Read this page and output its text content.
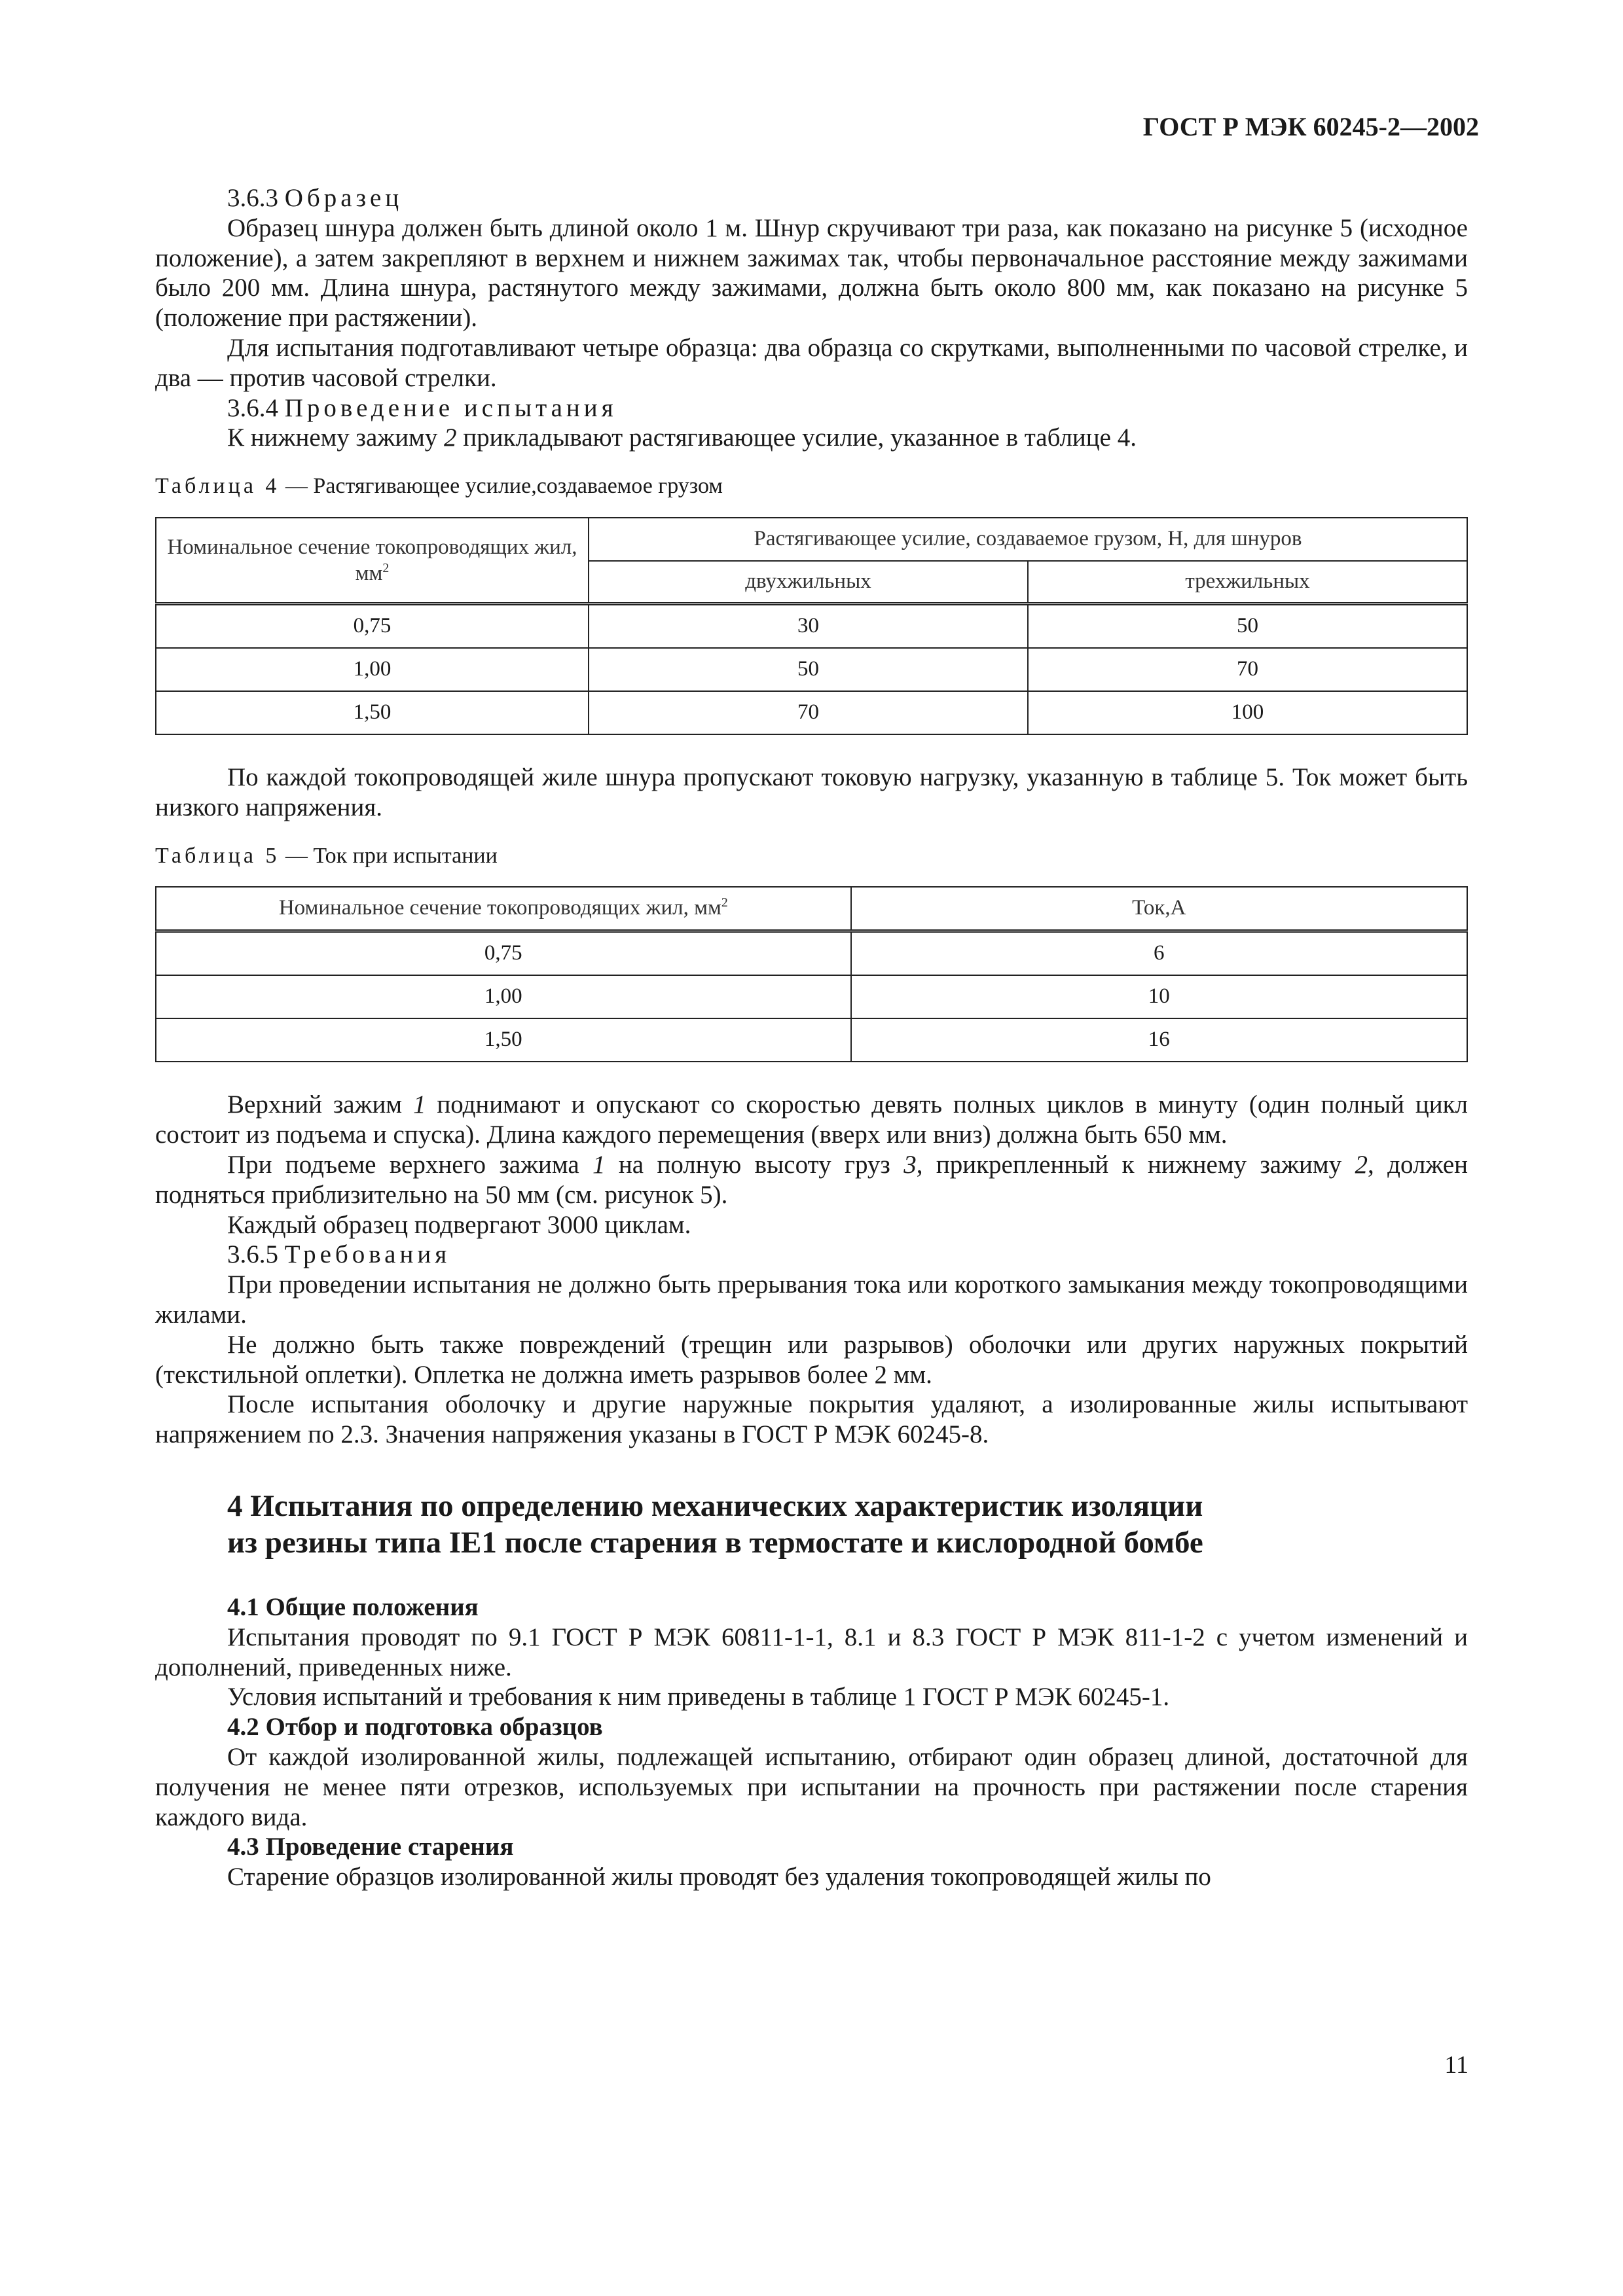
ГОСТ Р МЭК 60245-2—2002

3.6.3 Образец

Образец шнура должен быть длиной около 1 м. Шнур скручивают три раза, как показано на рисунке 5 (исходное положение), а затем закрепляют в верхнем и нижнем зажимах так, чтобы первоначальное расстояние между зажимами было 200 мм. Длина шнура, растянутого между зажимами, должна быть около 800 мм, как показано на рисунке 5 (положение при растяжении).

Для испытания подготавливают четыре образца: два образца со скрутками, выполненными по часовой стрелке, и два — против часовой стрелки.

3.6.4 Проведение испытания

К нижнему зажиму 2 прикладывают растягивающее усилие, указанное в таблице 4.

Таблица 4 — Растягивающее усилие,создаваемое грузом
Номинальное сечение токопроводящих жил, $мм^2$	Растягивающее усилие, создаваемое грузом, Н, для шнуров	
	двухжильных	трехжильных
0,75	30	50
1,00	50	70
1,50	70	100

По каждой токопроводящей жиле шнура пропускают токовую нагрузку, указанную в таблице 5. Ток может быть низкого напряжения.

Таблица 5 — Ток при испытании
Номинальное сечение токопроводящих жил, $мм^2$	Ток,А
0,75	6
1,00	10
1,50	16

Верхний зажим 1 поднимают и опускают со скоростью девять полных циклов в минуту (один полный цикл состоит из подъема и спуска). Длина каждого перемещения (вверх или вниз) должна быть 650 мм.

При подъеме верхнего зажима 1 на полную высоту груз 3, прикрепленный к нижнему зажиму 2, должен подняться приблизительно на 50 мм (см. рисунок 5).

Каждый образец подвергают 3000 циклам.

3.6.5 Требования

При проведении испытания не должно быть прерывания тока или короткого замыкания между токопроводящими жилами.

Не должно быть также повреждений (трещин или разрывов) оболочки или других наружных покрытий (текстильной оплетки). Оплетка не должна иметь разрывов более 2 мм.

После испытания оболочку и другие наружные покрытия удаляют, а изолированные жилы испытывают напряжением по 2.3. Значения напряжения указаны в ГОСТ Р МЭК 60245-8.

4 Испытания по определению механических характеристик изоляции
из резины типа IE1 после старения в термостате и кислородной бомбе

4.1 Общие положения

Испытания проводят по 9.1 ГОСТ Р МЭК 60811-1-1, 8.1 и 8.3 ГОСТ Р МЭК 811-1-2 с учетом изменений и дополнений, приведенных ниже.

Условия испытаний и требования к ним приведены в таблице 1 ГОСТ Р МЭК 60245-1.

4.2 Отбор и подготовка образцов

От каждой изолированной жилы, подлежащей испытанию, отбирают один образец длиной, достаточной для получения не менее пяти отрезков, используемых при испытании на прочность при растяжении после старения каждого вида.

4.3 Проведение старения

Старение образцов изолированной жилы проводят без удаления токопроводящей жилы по

11
